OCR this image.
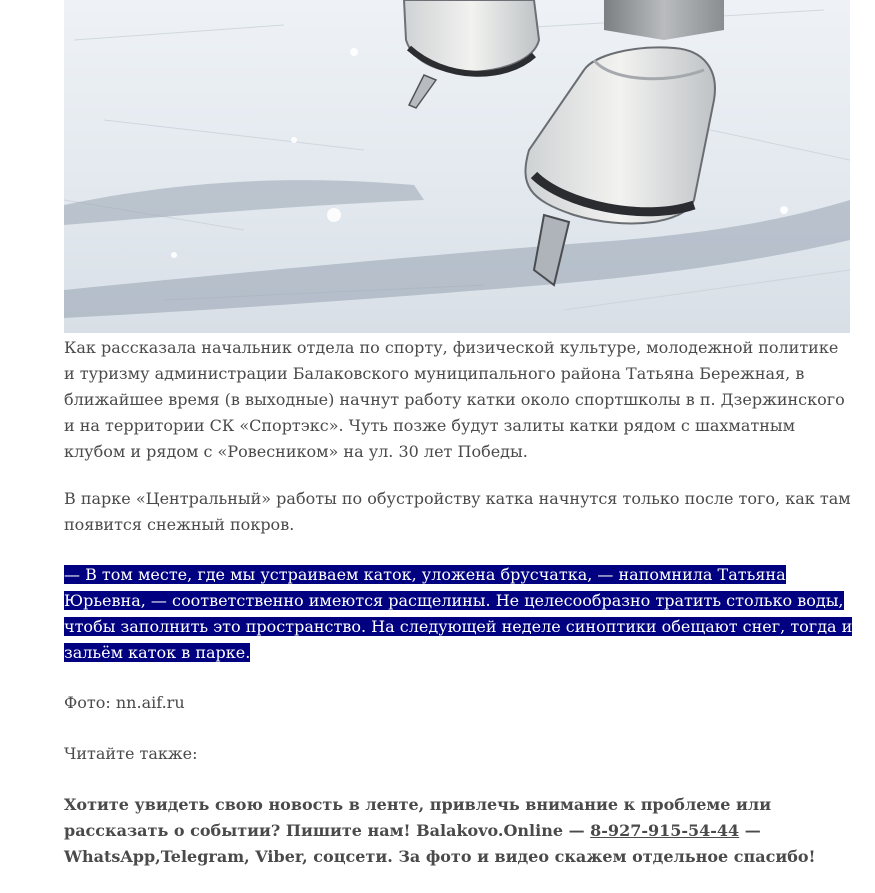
Как рассказала начальник отдела по спорту, физической культуре, молодежной политике и туризму администрации Балаковского муниципального района Татьяна Бережная, в ближайшее время (в выходные) начнут работу катки около спортшколы в п. Дзержинского и на территории СК «Спортэкс». Чуть позже будут залиты катки рядом с шахматным клубом и рядом с «Ровесником» на ул. 30 лет Победы.

В парке «Центральный» работы по обустройству катка начнутся только после того, как там появится снежный покров.

— В том месте, где мы устраиваем каток, уложена брусчатка, — напомнила Татьяна Юрьевна, — соответственно имеются расщелины. Не целесообразно тратить столько воды, чтобы заполнить это пространство. На следующей неделе синоптики обещают снег, тогда и зальём каток в парке.

Фото: nn.aif.ru

Читайте также:

Хотите увидеть свою новость в ленте, привлечь внимание к проблеме или рассказать о событии? Пишите нам! Balakovo.Online — 8-927-915-54-44 — WhatsApp,Telegram, Viber, соцсети. За фото и видео скажем отдельное спасибо!
